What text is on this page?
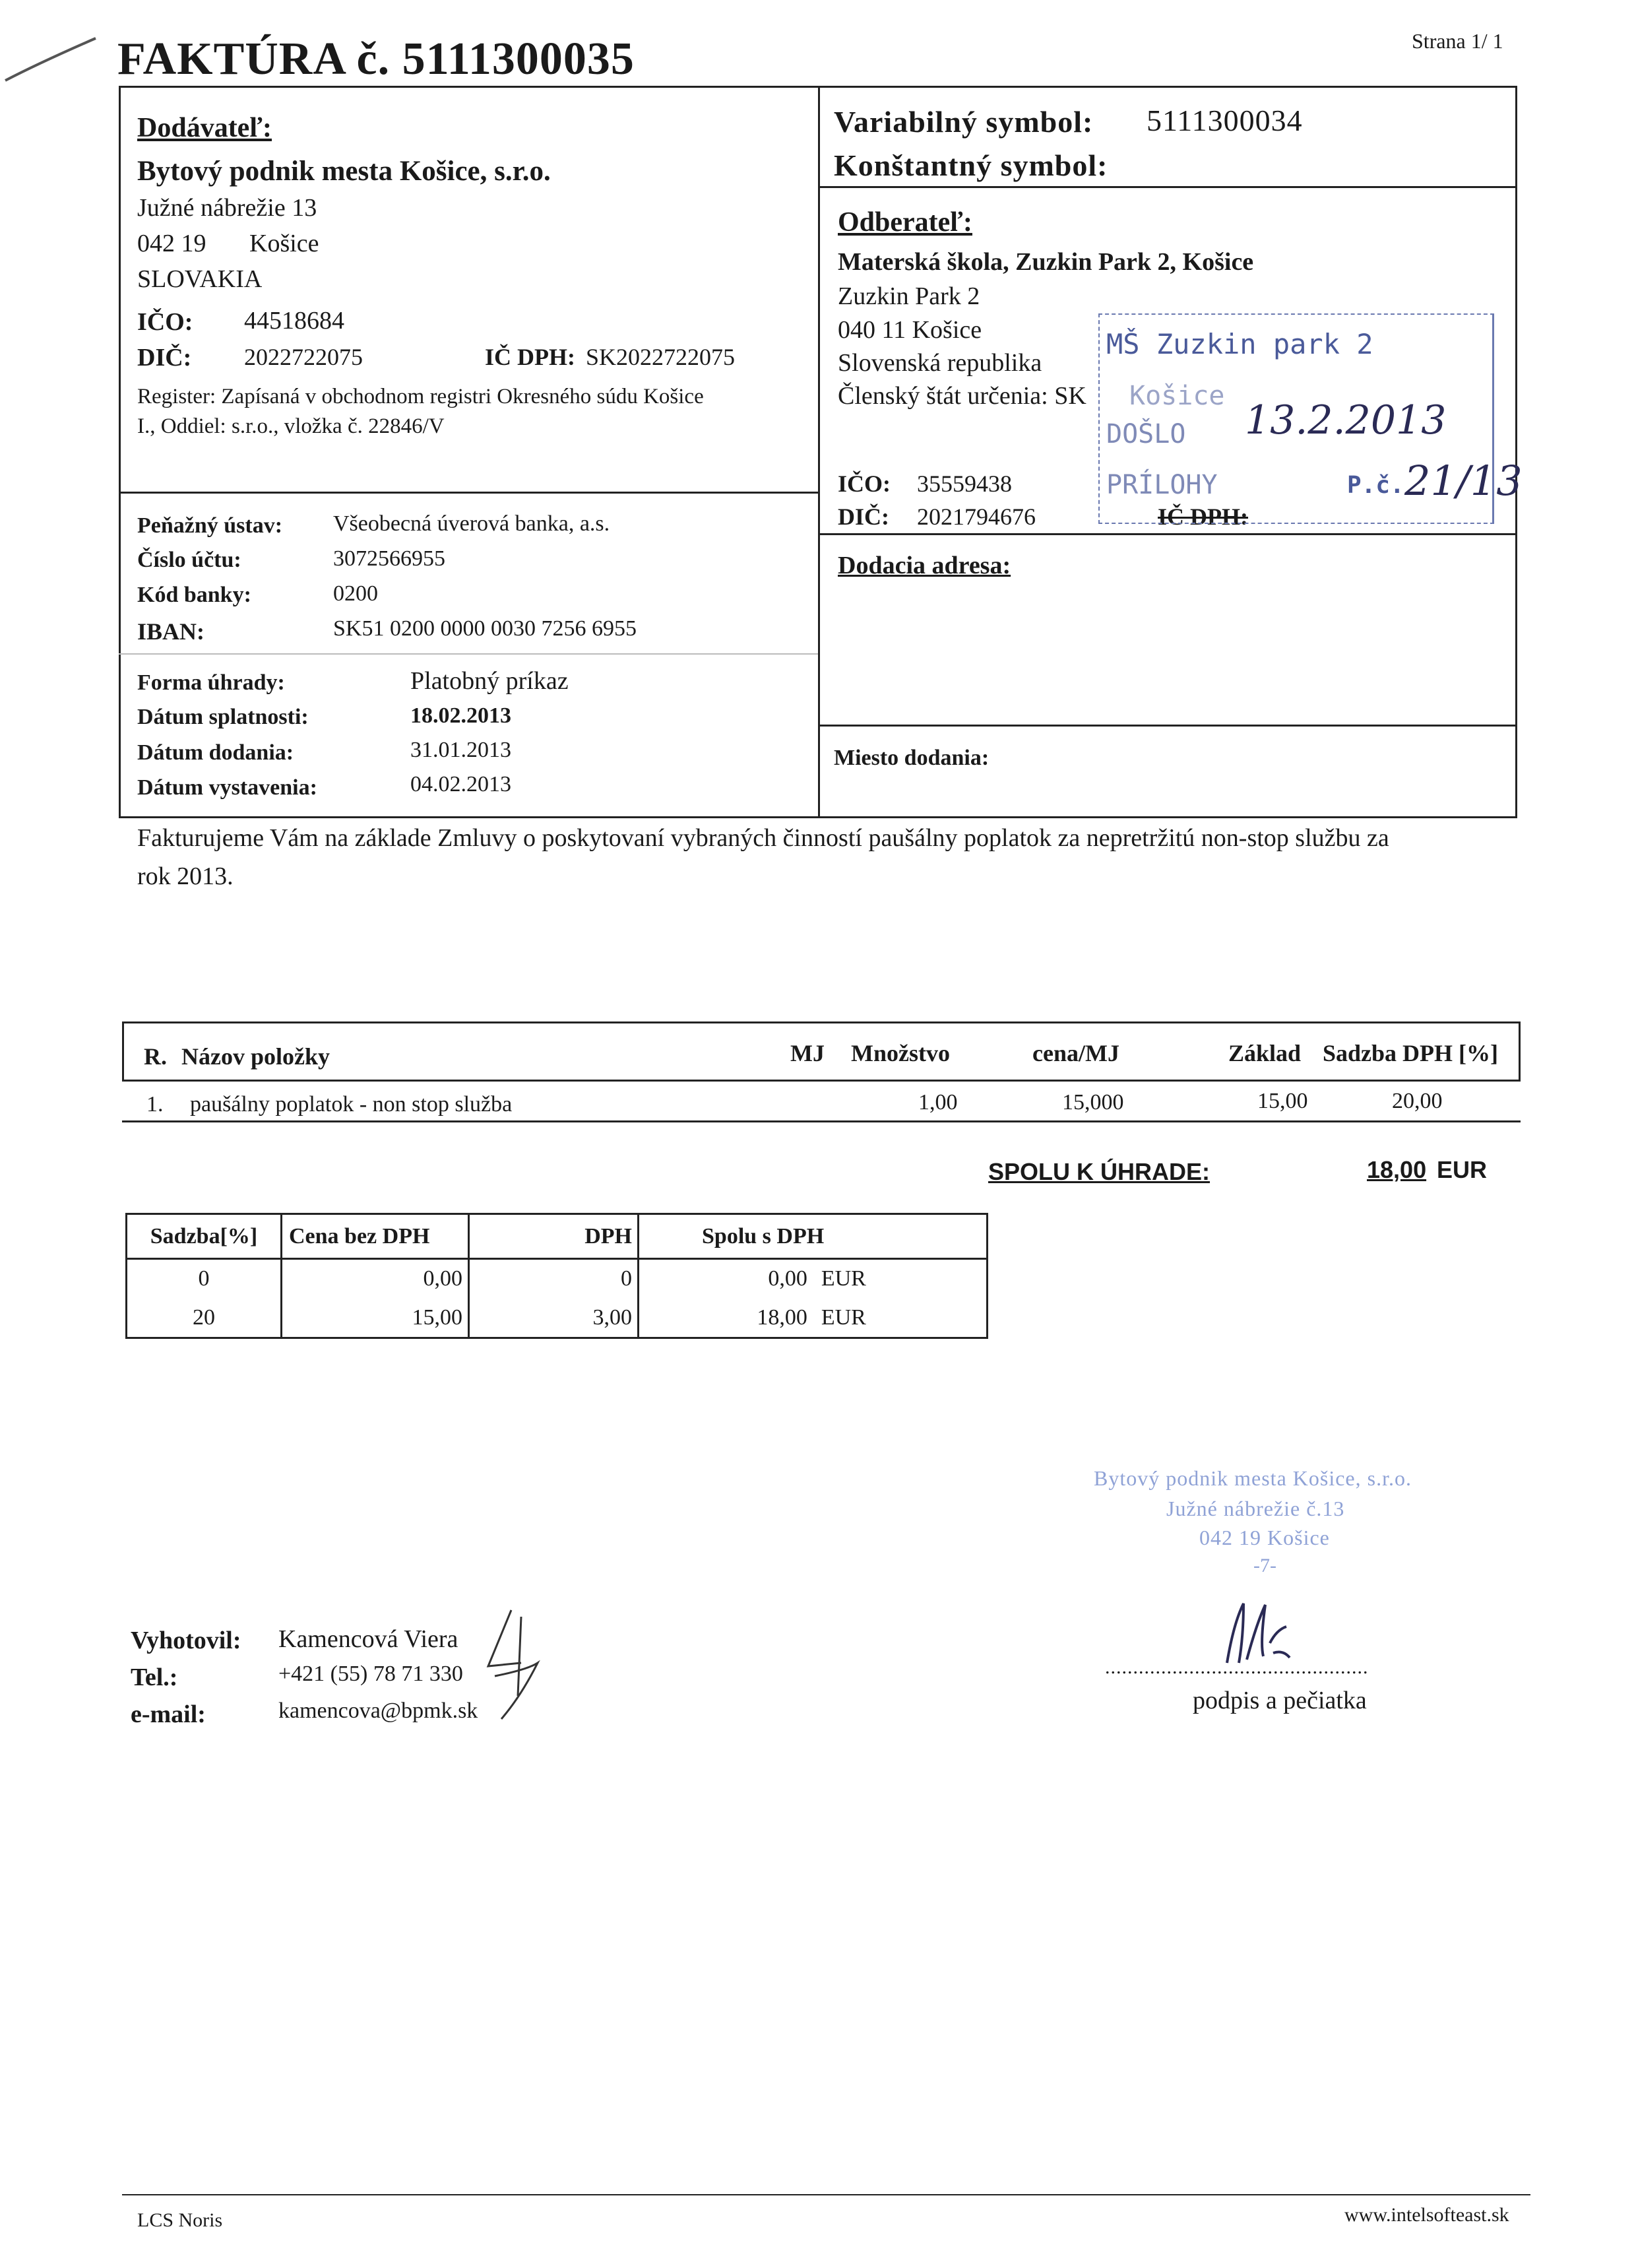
FAKTÚRA č. 5111300035	Strana 1/ 1
Dodávateľ:
Bytový podnik mesta Košice, s.r.o.
Južné nábrežie 13
042 19 Košice
SLOVAKIA
IČO: 44518684
DIČ: 2022722075	IČ DPH: SK2022722075
Register: Zapísaná v obchodnom registri Okresného súdu Košice
I., Oddiel: s.r.o., vložka č. 22846/V
Variabilný symbol: 5111300034
Konštantný symbol:
Odberateľ:
Materská škola, Zuzkin Park 2, Košice
Zuzkin Park 2
040 11 Košice
Slovenská republika
Členský štát určenia: SK
IČO: 35559438
DIČ: 2021794676	IČ DPH:
MŠ Zuzkin park 2
Košice
DOŠLO
PRÍLOHY
13.2.2013
P.č. 21/13
Peňažný ústav: Všeobecná úverová banka, a.s.
Číslo účtu:	3072566955
Kód banky:	0200
IBAN:	SK51 0200 0000 0030 7256 6955
Forma úhrady:	Platobný príkaz
Dátum splatnosti:	18.02.2013
Dátum dodania:	31.01.2013
Dátum vystavenia:	04.02.2013
Dodacia adresa:
Miesto dodania:
Fakturujeme Vám na základe Zmluvy o poskytovaní vybraných činností paušálny poplatok za nepretržitú non-stop službu za
rok 2013.
R. Názov položky	MJ Množstvo	cena/MJ	Základ Sadzba DPH [%]
1. paušálny poplatok - non stop služba	1,00	15,000	15,00	20,00
SPOLU K ÚHRADE:	18,00 EUR
Sadzba[%]	Cena bez DPH	DPH	Spolu s DPH	
0	0,00	0	0,00	EUR
20	15,00	3,00	18,00	EUR
Bytový podnik mesta Košice, s.r.o.
Južné nábrežie č.13
042 19 Košice
-7-
Vyhotovil: Kamencová Viera
Tel.:	+421 (55) 78 71 330
e-mail:	kamencova@bpmk.sk
...............................................
podpis a pečiatka
LCS Noris	www.intelsofteast.sk
